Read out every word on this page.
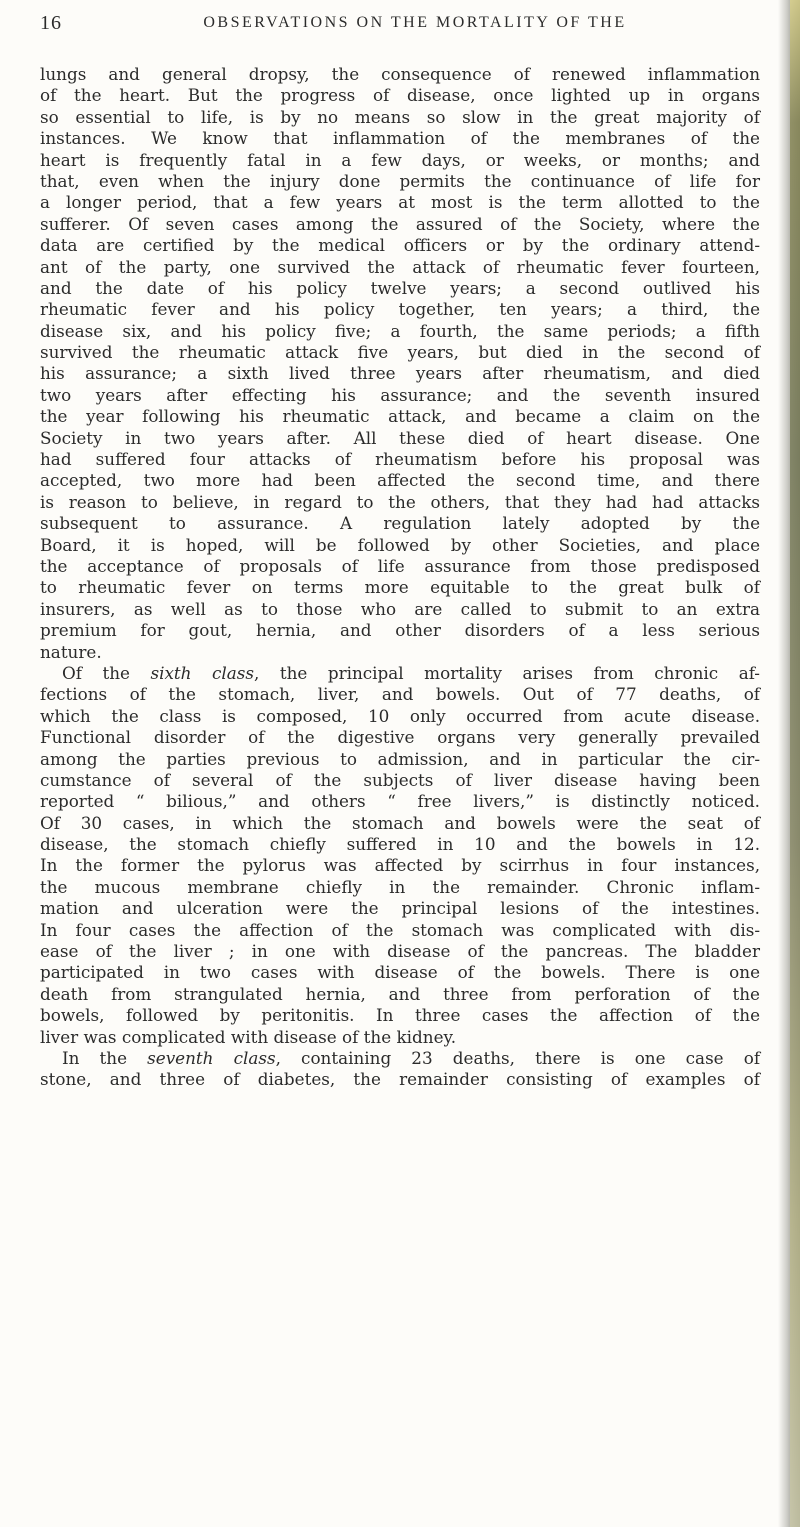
16	OBSERVATIONS ON THE MORTALITY OF THE
lungs and general dropsy, the consequence of renewed inflammation
of the heart. But the progress of disease, once lighted up in organs
so essential to life, is by no means so slow in the great majority of
instances. We know that inflammation of the membranes of the
heart is frequently fatal in a few days, or weeks, or months; and
that, even when the injury done permits the continuance of life for
a longer period, that a few years at most is the term allotted to the
sufferer. Of seven cases among the assured of the Society, where the
data are certified by the medical officers or by the ordinary attend-
ant of the party, one survived the attack of rheumatic fever fourteen,
and the date of his policy twelve years; a second outlived his
rheumatic fever and his policy together, ten years; a third, the
disease six, and his policy five; a fourth, the same periods; a fifth
survived the rheumatic attack five years, but died in the second of
his assurance; a sixth lived three years after rheumatism, and died
two years after effecting his assurance; and the seventh insured
the year following his rheumatic attack, and became a claim on the
Society in two years after. All these died of heart disease. One
had suffered four attacks of rheumatism before his proposal was
accepted, two more had been affected the second time, and there
is reason to believe, in regard to the others, that they had had attacks
subsequent to assurance. A regulation lately adopted by the
Board, it is hoped, will be followed by other Societies, and place
the acceptance of proposals of life assurance from those predisposed
to rheumatic fever on terms more equitable to the great bulk of
insurers, as well as to those who are called to submit to an extra
premium for gout, hernia, and other disorders of a less serious
nature.
Of the sixth class, the principal mortality arises from chronic af-
fections of the stomach, liver, and bowels. Out of 77 deaths, of
which the class is composed, 10 only occurred from acute disease.
Functional disorder of the digestive organs very generally prevailed
among the parties previous to admission, and in particular the cir-
cumstance of several of the subjects of liver disease having been
reported “ bilious,” and others “ free livers,” is distinctly noticed.
Of 30 cases, in which the stomach and bowels were the seat of
disease, the stomach chiefly suffered in 10 and the bowels in 12.
In the former the pylorus was affected by scirrhus in four instances,
the mucous membrane chiefly in the remainder. Chronic inflam-
mation and ulceration were the principal lesions of the intestines.
In four cases the affection of the stomach was complicated with dis-
ease of the liver ; in one with disease of the pancreas. The bladder
participated in two cases with disease of the bowels. There is one
death from strangulated hernia, and three from perforation of the
bowels, followed by peritonitis. In three cases the affection of the
liver was complicated with disease of the kidney.
In the seventh class, containing 23 deaths, there is one case of
stone, and three of diabetes, the remainder consisting of examples of
